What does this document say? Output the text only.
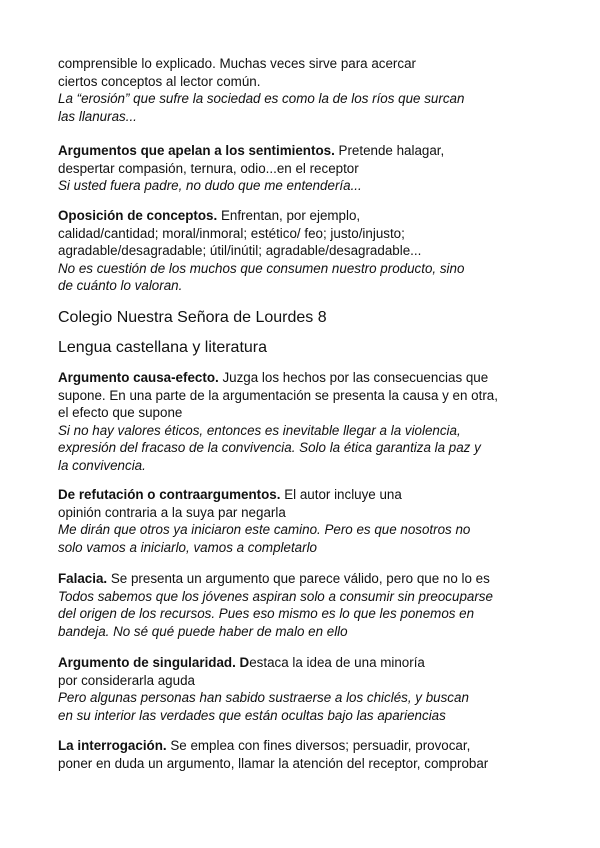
comprensible lo explicado. Muchas veces sirve para acercar
ciertos conceptos al lector común.
La “erosión” que sufre la sociedad es como la de los ríos que surcan
las llanuras...
Argumentos que apelan a los sentimientos. Pretende halagar,
despertar compasión, ternura, odio...en el receptor
Si usted fuera padre, no dudo que me entendería...
Oposición de conceptos. Enfrentan, por ejemplo,
calidad/cantidad; moral/inmoral; estético/ feo; justo/injusto;
agradable/desagradable; útil/inútil; agradable/desagradable...
No es cuestión de los muchos que consumen nuestro producto, sino
de cuánto lo valoran.
Colegio Nuestra Señora de Lourdes 8
Lengua castellana y literatura
Argumento causa-efecto. Juzga los hechos por las consecuencias que
supone. En una parte de la argumentación se presenta la causa y en otra,
el efecto que supone
Si no hay valores éticos, entonces es inevitable llegar a la violencia,
expresión del fracaso de la convivencia. Solo la ética garantiza la paz y
la convivencia.
De refutación o contraargumentos. El autor incluye una
opinión contraria a la suya par negarla
Me dirán que otros ya iniciaron este camino. Pero es que nosotros no
solo vamos a iniciarlo, vamos a completarlo
Falacia. Se presenta un argumento que parece válido, pero que no lo es
Todos sabemos que los jóvenes aspiran solo a consumir sin preocuparse
del origen de los recursos. Pues eso mismo es lo que les ponemos en
bandeja. No sé qué puede haber de malo en ello
Argumento de singularidad. Destaca la idea de una minoría
por considerarla aguda
Pero algunas personas han sabido sustraerse a los chiclés, y buscan
en su interior las verdades que están ocultas bajo las apariencias
La interrogación. Se emplea con fines diversos; persuadir, provocar,
poner en duda un argumento, llamar la atención del receptor, comprobar
